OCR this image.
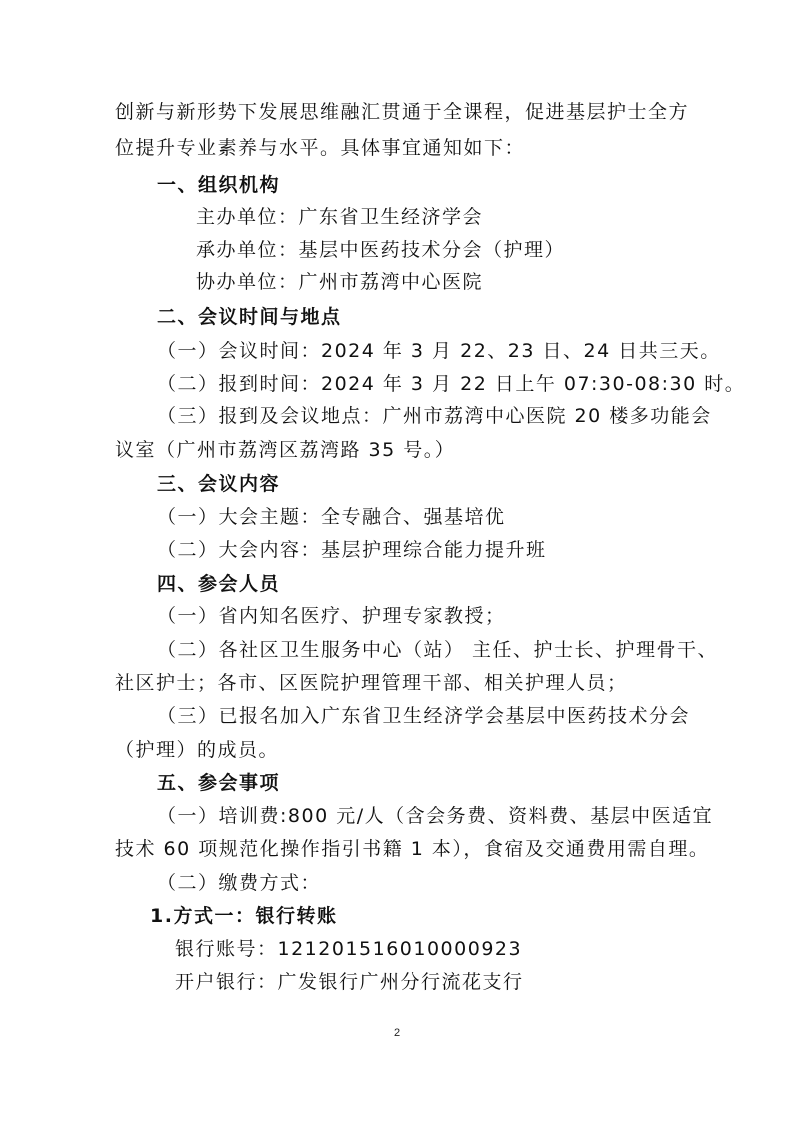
创新与新形势下发展思维融汇贯通于全课程，促进基层护士全方
位提升专业素养与水平。具体事宜通知如下：
一、组织机构
主办单位：广东省卫生经济学会
承办单位：基层中医药技术分会（护理）
协办单位：广州市荔湾中心医院
二、会议时间与地点
（一）会议时间：2024 年 3 月 22、23 日、24 日共三天。
（二）报到时间：2024 年 3 月 22 日上午 07:30-08:30 时。
（三）报到及会议地点：广州市荔湾中心医院 20 楼多功能会
议室（广州市荔湾区荔湾路 35 号。）
三、会议内容
（一）大会主题：全专融合、强基培优
（二）大会内容：基层护理综合能力提升班
四、参会人员
（一）省内知名医疗、护理专家教授；
（二）各社区卫生服务中心（站） 主任、护士长、护理骨干、
社区护士；各市、区医院护理管理干部、相关护理人员；
（三）已报名加入广东省卫生经济学会基层中医药技术分会
（护理）的成员。
五、参会事项
（一）培训费:800 元/人（含会务费、资料费、基层中医适宜
技术 60 项规范化操作指引书籍 1 本），食宿及交通费用需自理。
（二）缴费方式：
1.方式一：银行转账
银行账号：121201516010000923
开户银行：广发银行广州分行流花支行
2
